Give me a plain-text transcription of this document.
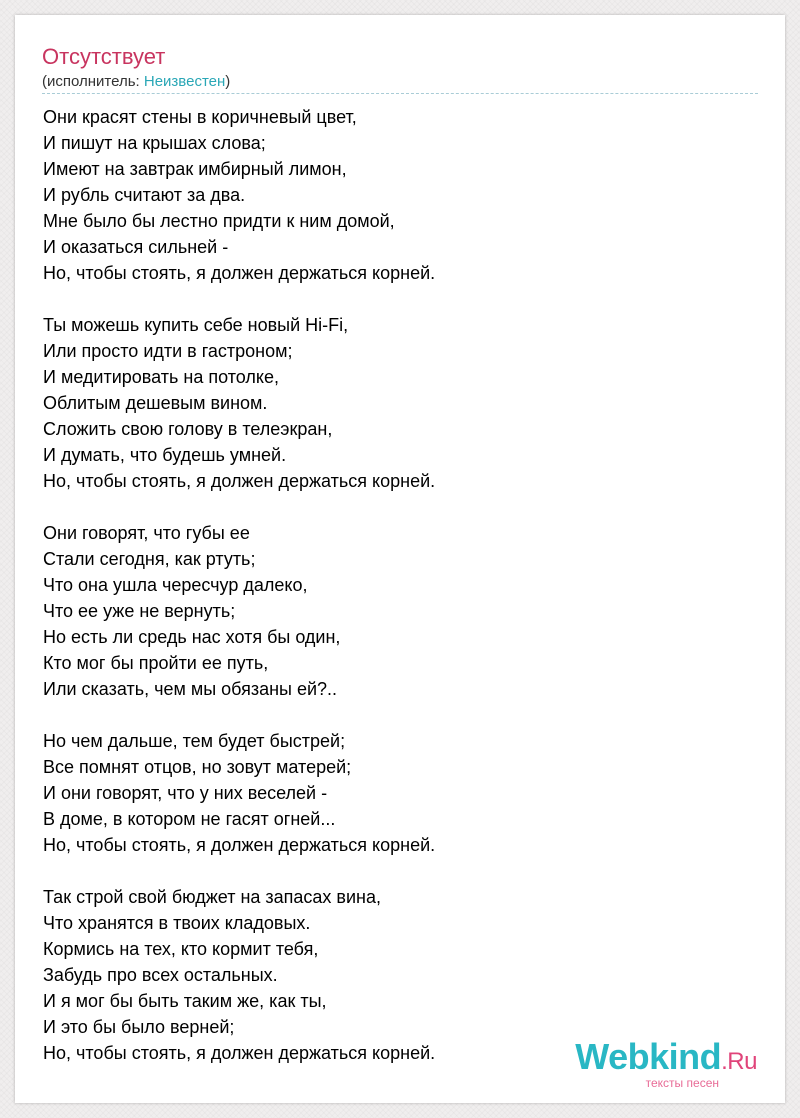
Отсутствует
(исполнитель: Неизвестен)
Они красят стены в коричневый цвет,
И пишут на крышах слова;
Имеют на завтрак имбирный лимон,
И рубль считают за два.
Мне было бы лестно придти к ним домой,
И оказаться сильней -
Но, чтобы стоять, я должен держаться корней.
Ты можешь купить себе новый Hi-Fi,
Или просто идти в гастроном;
И медитировать на потолке,
Облитым дешевым вином.
Сложить свою голову в телеэкран,
И думать, что будешь умней.
Но, чтобы стоять, я должен держаться корней.
Они говорят, что губы ее
Стали сегодня, как ртуть;
Что она ушла чересчур далеко,
Что ее уже не вернуть;
Но есть ли средь нас хотя бы один,
Кто мог бы пройти ее путь,
Или сказать, чем мы обязаны ей?..
Но чем дальше, тем будет быстрей;
Все помнят отцов, но зовут матерей;
И они говорят, что у них веселей -
В доме, в котором не гасят огней...
Но, чтобы стоять, я должен держаться корней.
Так строй свой бюджет на запасах вина,
Что хранятся в твоих кладовых.
Кормись на тех, кто кормит тебя,
Забудь про всех остальных.
И я мог бы быть таким же, как ты,
И это бы было верней;
Но, чтобы стоять, я должен держаться корней.	Webkind.Ru
тексты песен
